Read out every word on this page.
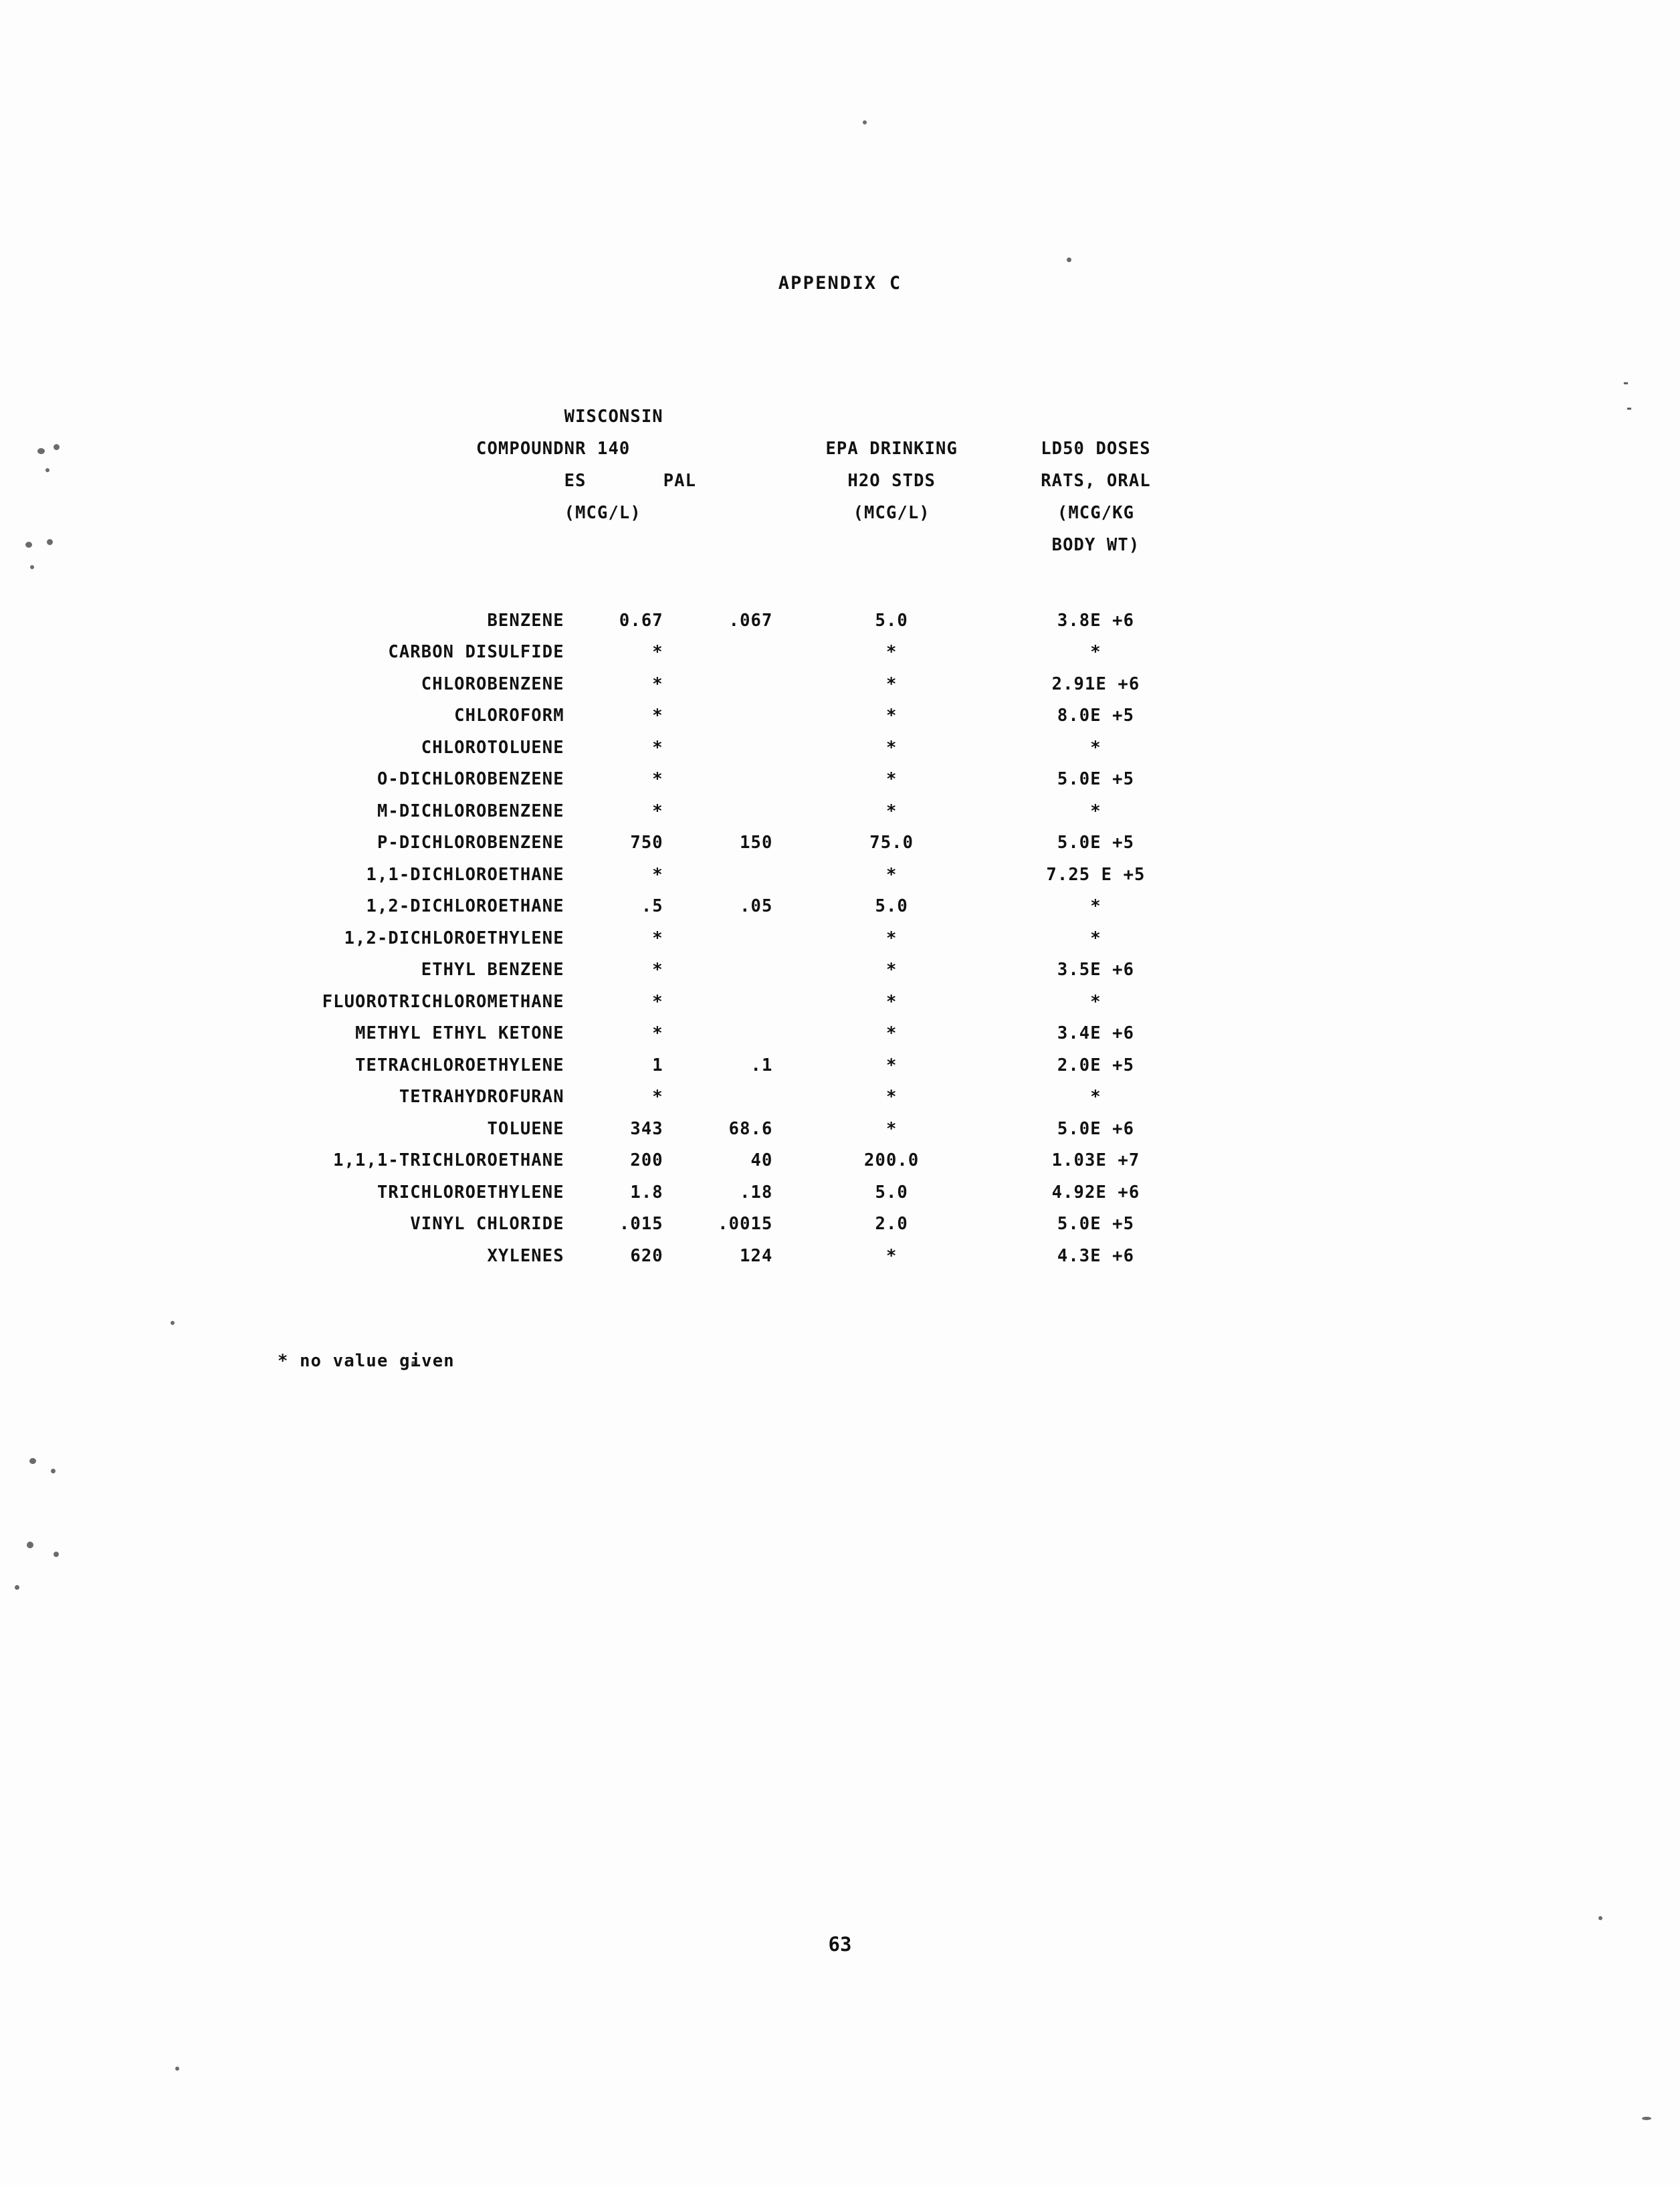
-
-
APPENDIX C
	WISCONSIN			
COMPOUND	NR 140		EPA DRINKING	LD50 DOSES
	ES	PAL	H2O STDS	RATS, ORAL
	(MCG/L)		(MCG/L)	(MCG/KG
				BODY WT)

BENZENE	0.67	.067	5.0	3.8E +6
CARBON DISULFIDE	*		*	*
CHLOROBENZENE	*		*	2.91E +6
CHLOROFORM	*		*	8.0E +5
CHLOROTOLUENE	*		*	*
O-DICHLOROBENZENE	*		*	5.0E +5
M-DICHLOROBENZENE	*		*	*
P-DICHLOROBENZENE	750	150	75.0	5.0E +5
1,1-DICHLOROETHANE	*		*	7.25 E +5
1,2-DICHLOROETHANE	.5	.05	5.0	*
1,2-DICHLOROETHYLENE	*		*	*
ETHYL BENZENE	*		*	3.5E +6
FLUOROTRICHLOROMETHANE	*		*	*
METHYL ETHYL KETONE	*		*	3.4E +6
TETRACHLOROETHYLENE	1	.1	*	2.0E +5
TETRAHYDROFURAN	*		*	*
TOLUENE	343	68.6	*	5.0E +6
1,1,1-TRICHLOROETHANE	200	40	200.0	1.03E +7
TRICHLOROETHYLENE	1.8	.18	5.0	4.92E +6
VINYL CHLORIDE	.015	.0015	2.0	5.0E +5
XYLENES	620	124	*	4.3E +6
* no value given
63
